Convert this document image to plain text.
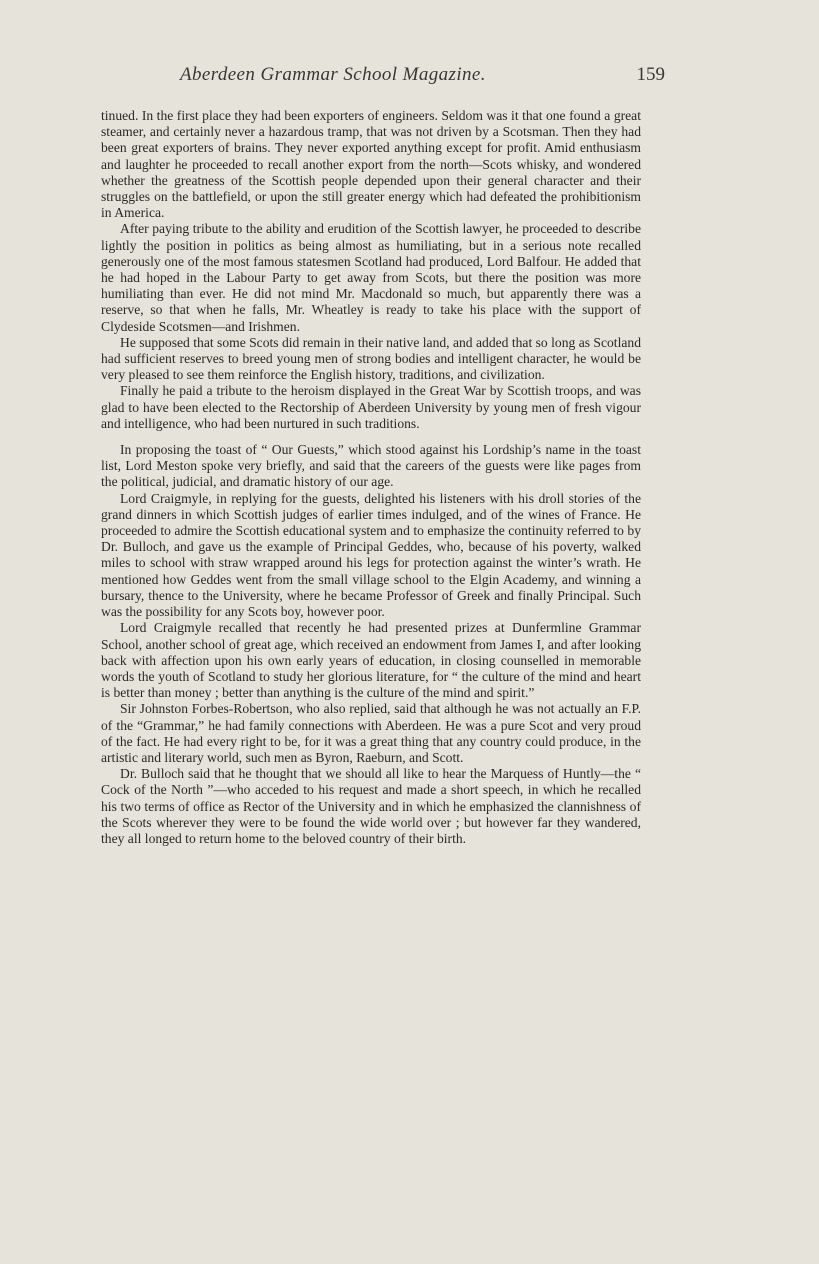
Aberdeen Grammar School Magazine.	159

tinued. In the first place they had been exporters of engineers. Seldom was it that one found a great steamer, and certainly never a hazardous tramp, that was not driven by a Scotsman. Then they had been great exporters of brains. They never exported anything except for profit. Amid enthusiasm and laughter he proceeded to recall another export from the north—Scots whisky, and wondered whether the greatness of the Scottish people depended upon their general character and their struggles on the battlefield, or upon the still greater energy which had defeated the prohibitionism in America.

After paying tribute to the ability and erudition of the Scottish lawyer, he proceeded to describe lightly the position in politics as being almost as humiliating, but in a serious note recalled generously one of the most famous statesmen Scotland had produced, Lord Balfour. He added that he had hoped in the Labour Party to get away from Scots, but there the position was more humiliating than ever. He did not mind Mr. Macdonald so much, but apparently there was a reserve, so that when he falls, Mr. Wheatley is ready to take his place with the support of Clydeside Scotsmen—and Irishmen.

He supposed that some Scots did remain in their native land, and added that so long as Scotland had sufficient reserves to breed young men of strong bodies and intelligent character, he would be very pleased to see them reinforce the English history, traditions, and civilization.

Finally he paid a tribute to the heroism displayed in the Great War by Scottish troops, and was glad to have been elected to the Rectorship of Aberdeen University by young men of fresh vigour and intelligence, who had been nurtured in such traditions.

In proposing the toast of “ Our Guests,” which stood against his Lordship’s name in the toast list, Lord Meston spoke very briefly, and said that the careers of the guests were like pages from the political, judicial, and dramatic history of our age.

Lord Craigmyle, in replying for the guests, delighted his listeners with his droll stories of the grand dinners in which Scottish judges of earlier times indulged, and of the wines of France. He proceeded to admire the Scottish educational system and to emphasize the continuity referred to by Dr. Bulloch, and gave us the example of Principal Geddes, who, because of his poverty, walked miles to school with straw wrapped around his legs for protection against the winter’s wrath. He mentioned how Geddes went from the small village school to the Elgin Academy, and winning a bursary, thence to the University, where he became Professor of Greek and finally Principal. Such was the possibility for any Scots boy, however poor.

Lord Craigmyle recalled that recently he had presented prizes at Dunfermline Grammar School, another school of great age, which received an endowment from James I, and after looking back with affection upon his own early years of education, in closing counselled in memorable words the youth of Scotland to study her glorious literature, for “ the culture of the mind and heart is better than money ; better than anything is the culture of the mind and spirit.”

Sir Johnston Forbes-Robertson, who also replied, said that although he was not actually an F.P. of the “Grammar,” he had family connections with Aberdeen. He was a pure Scot and very proud of the fact. He had every right to be, for it was a great thing that any country could produce, in the artistic and literary world, such men as Byron, Raeburn, and Scott.

Dr. Bulloch said that he thought that we should all like to hear the Marquess of Huntly—the “ Cock of the North ”—who acceded to his request and made a short speech, in which he recalled his two terms of office as Rector of the University and in which he emphasized the clannishness of the Scots wherever they were to be found the wide world over ; but however far they wandered, they all longed to return home to the beloved country of their birth.
